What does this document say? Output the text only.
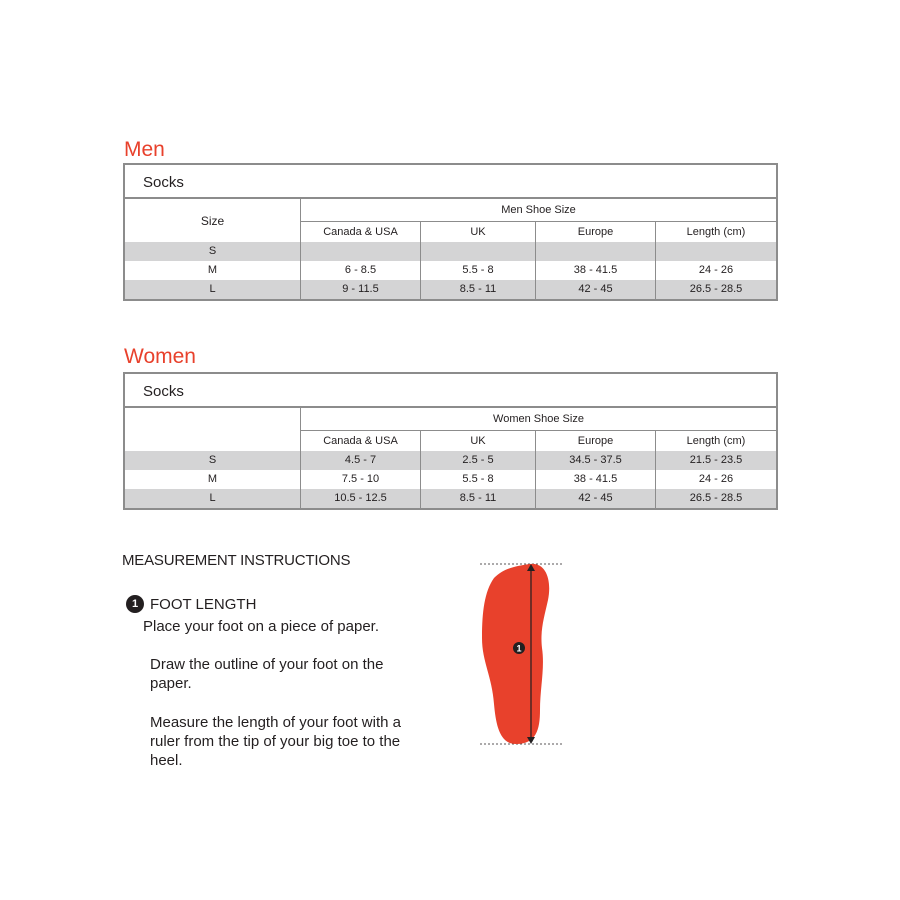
Men
Socks
Size
Men Shoe Size
Canada & USA	UK	Europe	Length (cm)
S
M	6 - 8.5	5.5 - 8	38 - 41.5	24 - 26
L	9 - 11.5	8.5 - 11	42 - 45	26.5 - 28.5
Women
Socks
Women Shoe Size
Canada & USA	UK	Europe	Length (cm)
S	4.5 - 7	2.5 - 5	34.5 - 37.5	21.5 - 23.5
M	7.5 - 10	5.5 - 8	38 - 41.5	24 - 26
L	10.5 - 12.5	8.5 - 11	42 - 45	26.5 - 28.5
MEASUREMENT INSTRUCTIONS
1 FOOT LENGTH
Place your foot on a piece of paper.
Draw the outline of your foot on the paper.
Measure the length of your foot with a ruler from the tip of your big toe to the heel.
1
